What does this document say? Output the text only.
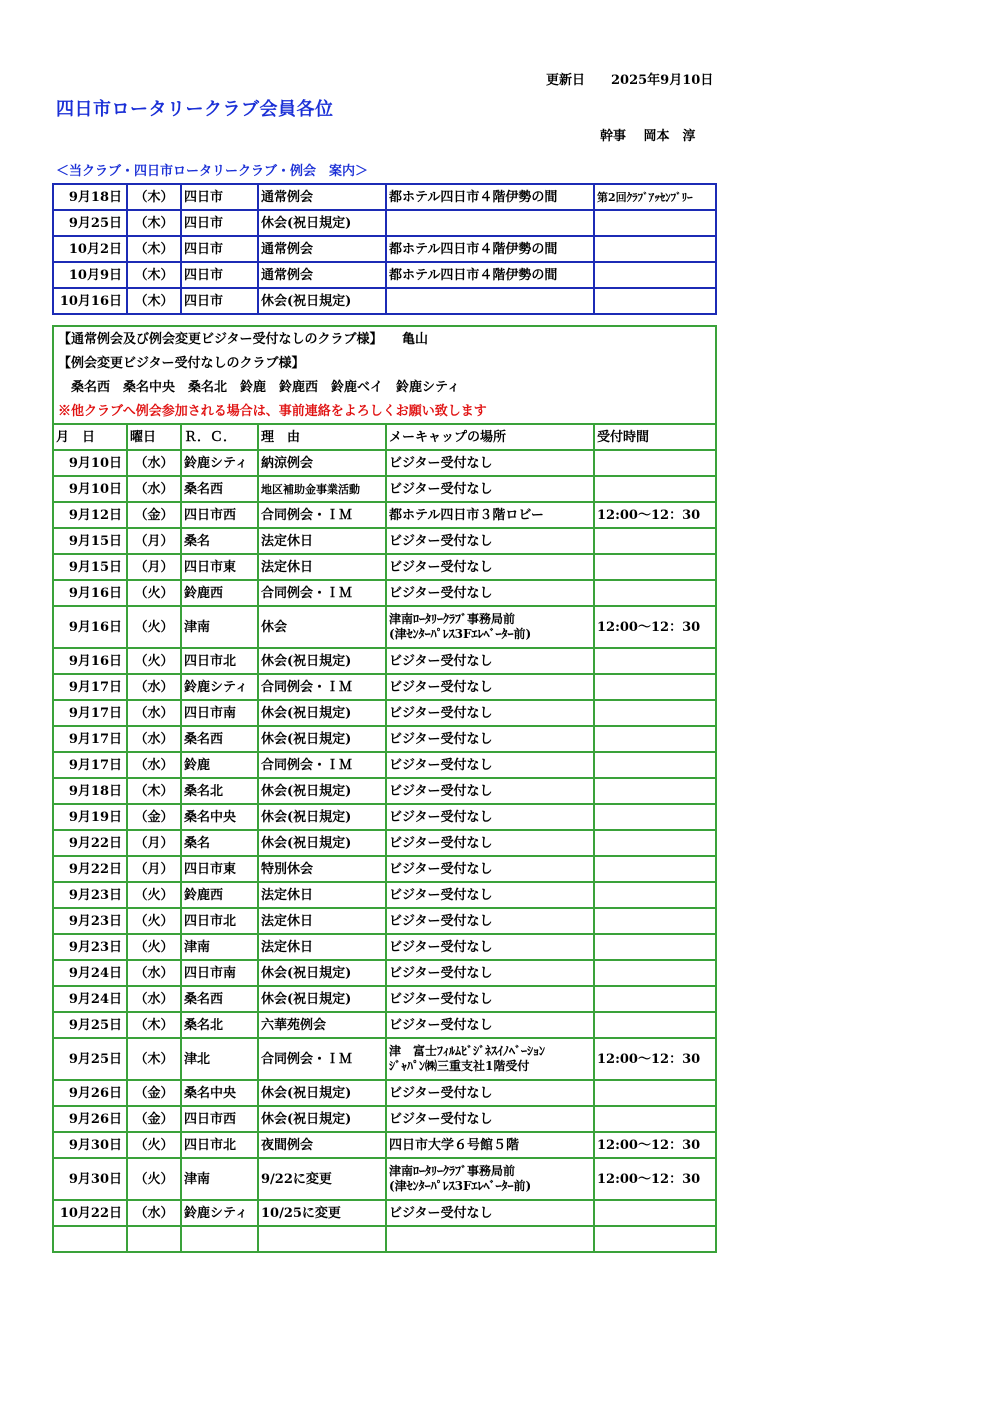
更新日　　2025年9月10日
四日市ロータリークラブ会員各位
幹事　 岡本　淳
＜当クラブ・四日市ロータリークラブ・例会　案内＞
9月18日	（木）	四日市	通常例会	都ホテル四日市４階伊勢の間	第2回ｸﾗﾌﾞｱｯｾﾝﾌﾞﾘｰ
9月25日	（木）	四日市	休会(祝日規定)		
10月2日	（木）	四日市	通常例会	都ホテル四日市４階伊勢の間	
10月9日	（木）	四日市	通常例会	都ホテル四日市４階伊勢の間	
10月16日	（木）	四日市	休会(祝日規定)		
【通常例会及び例会変更ビジター受付なしのクラブ様】　　亀山					
【例会変更ビジター受付なしのクラブ様】					
　桑名西　桑名中央　桑名北　鈴鹿　鈴鹿西　鈴鹿ベイ　鈴鹿シティ					
※他クラブへ例会参加される場合は、事前連絡をよろしくお願い致します					
月　日	曜日	Ｒ．Ｃ．	理　由	メーキャップの場所	受付時間
9月10日	（水）	鈴鹿シティ	納涼例会	ビジター受付なし	
9月10日	（水）	桑名西	地区補助金事業活動	ビジター受付なし	
9月12日	（金）	四日市西	合同例会・ＩＭ	都ホテル四日市３階ロビー	12:00～12：30
9月15日	（月）	桑名	法定休日	ビジター受付なし	
9月15日	（月）	四日市東	法定休日	ビジター受付なし	
9月16日	（火）	鈴鹿西	合同例会・ＩＭ	ビジター受付なし	
9月16日	（火）	津南	休会	津南ﾛｰﾀﾘｰｸﾗﾌﾞ事務局前
(津ｾﾝﾀｰﾊﾟﾚｽ3Fｴﾚﾍﾞｰﾀｰ前)	12:00～12：30
9月16日	（火）	四日市北	休会(祝日規定)	ビジター受付なし	
9月17日	（水）	鈴鹿シティ	合同例会・ＩＭ	ビジター受付なし	
9月17日	（水）	四日市南	休会(祝日規定)	ビジター受付なし	
9月17日	（水）	桑名西	休会(祝日規定)	ビジター受付なし	
9月17日	（水）	鈴鹿	合同例会・ＩＭ	ビジター受付なし	
9月18日	（木）	桑名北	休会(祝日規定)	ビジター受付なし	
9月19日	（金）	桑名中央	休会(祝日規定)	ビジター受付なし	
9月22日	（月）	桑名	休会(祝日規定)	ビジター受付なし	
9月22日	（月）	四日市東	特別休会	ビジター受付なし	
9月23日	（火）	鈴鹿西	法定休日	ビジター受付なし	
9月23日	（火）	四日市北	法定休日	ビジター受付なし	
9月23日	（火）	津南	法定休日	ビジター受付なし	
9月24日	（水）	四日市南	休会(祝日規定)	ビジター受付なし	
9月24日	（水）	桑名西	休会(祝日規定)	ビジター受付なし	
9月25日	（木）	桑名北	六華苑例会	ビジター受付なし	
9月25日	（木）	津北	合同例会・ＩＭ	津　富士ﾌｨﾙﾑﾋﾞｼﾞﾈｽｲﾉﾍﾞｰｼｮﾝ
ｼﾞｬﾊﾟﾝ㈱三重支社1階受付	12:00～12：30
9月26日	（金）	桑名中央	休会(祝日規定)	ビジター受付なし	
9月26日	（金）	四日市西	休会(祝日規定)	ビジター受付なし	
9月30日	（火）	四日市北	夜間例会	四日市大学６号館５階	12:00～12：30
9月30日	（火）	津南	9/22に変更	津南ﾛｰﾀﾘｰｸﾗﾌﾞ事務局前
(津ｾﾝﾀｰﾊﾟﾚｽ3Fｴﾚﾍﾞｰﾀｰ前)	12:00～12：30
10月22日	（水）	鈴鹿シティ	10/25に変更	ビジター受付なし	
